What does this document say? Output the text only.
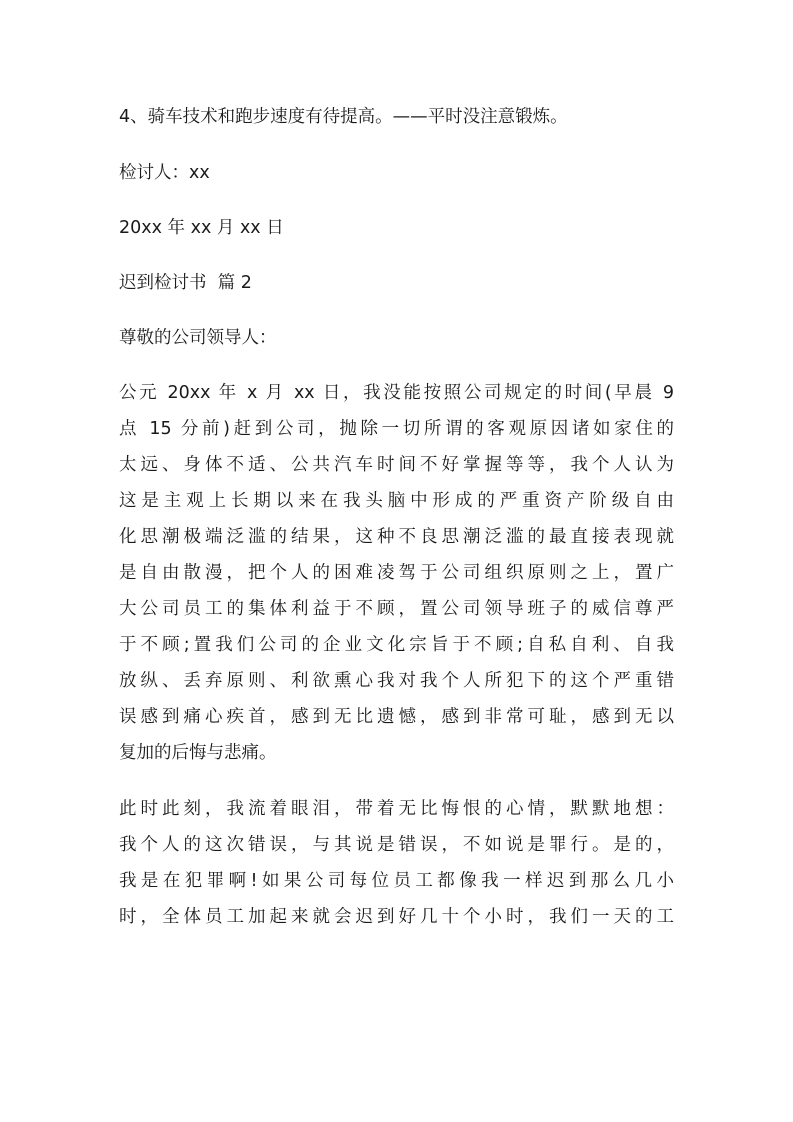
4、骑车技术和跑步速度有待提高。——平时没注意锻炼。
检讨人：xx
20xx 年 xx 月 xx 日
迟到检讨书  篇 2
尊敬的公司领导人：
公元 20xx 年 x 月 xx 日，我没能按照公司规定的时间(早晨 9
点 15 分前)赶到公司，抛除一切所谓的客观原因诸如家住的
太远、身体不适、公共汽车时间不好掌握等等，我个人认为
这是主观上长期以来在我头脑中形成的严重资产阶级自由
化思潮极端泛滥的结果，这种不良思潮泛滥的最直接表现就
是自由散漫，把个人的困难凌驾于公司组织原则之上，置广
大公司员工的集体利益于不顾，置公司领导班子的威信尊严
于不顾;置我们公司的企业文化宗旨于不顾;自私自利、自我
放纵、丢弃原则、利欲熏心我对我个人所犯下的这个严重错
误感到痛心疾首，感到无比遗憾，感到非常可耻，感到无以
复加的后悔与悲痛。
此时此刻，我流着眼泪，带着无比悔恨的心情，默默地想：
我个人的这次错误，与其说是错误，不如说是罪行。是的，
我是在犯罪啊!如果公司每位员工都像我一样迟到那么几小
时，全体员工加起来就会迟到好几十个小时，我们一天的工
